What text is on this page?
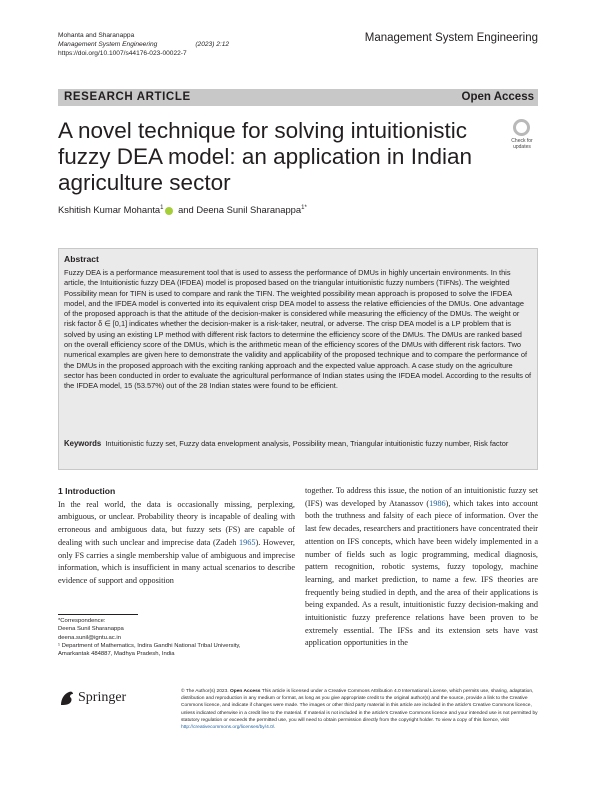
Mohanta and Sharanappa
Management System Engineering	(2023) 2:12
https://doi.org/10.1007/s44176-023-00022-7
Management System Engineering
RESEARCH ARTICLE	Open Access
A novel technique for solving intuitionistic fuzzy DEA model: an application in Indian agriculture sector
Check for updates
Kshitish Kumar Mohanta$^1$ and Deena Sunil Sharanappa$^{1*}$
Abstract
Fuzzy DEA is a performance measurement tool that is used to assess the performance of DMUs in highly uncertain environments. In this article, the Intuitionistic fuzzy DEA (IFDEA) model is proposed based on the triangular intuitionistic fuzzy numbers (TIFNs). The weighted Possibility mean for TIFN is used to compare and rank the TIFN. The weighted possibility mean approach is proposed to solve the IFDEA model, and the IFDEA model is converted into its equivalent crisp DEA model to assess the relative efficiencies of the DMUs. One advantage of the proposed approach is that the attitude of the decision-maker is considered while measuring the efficiency of the DMUs. The weight or risk factor δ ∈ [0,1] indicates whether the decision-maker is a risk-taker, neutral, or adverse. The crisp DEA model is a LP problem that is solved by using an existing LP method with different risk factors to determine the efficiency score of the DMUs. The DMUs are ranked based on the overall efficiency score of the DMUs, which is the arithmetic mean of the efficiency scores of the DMUs with different risk factors. Two numerical examples are given here to demonstrate the validity and applicability of the proposed technique and to compare the performance of the DMUs in the proposed approach with the exciting ranking approach and the expected value approach. A case study on the agriculture sector has been conducted in order to evaluate the agricultural performance of Indian states using the IFDEA model. According to the results of the IFDEA model, 15 (53.57%) out of the 28 Indian states were found to be efficient.
Keywords Intuitionistic fuzzy set, Fuzzy data envelopment analysis, Possibility mean, Triangular intuitionistic fuzzy number, Risk factor
1 Introduction
In the real world, the data is occasionally missing, perplexing, ambiguous, or unclear. Probability theory is incapable of dealing with erroneous and ambiguous data, but fuzzy sets (FS) are capable of dealing with such unclear and imprecise data (Zadeh 1965). However, only FS carries a single membership value of ambiguous and imprecise information, which is insufficient in many actual scenarios to describe evidence of support and opposition
together. To address this issue, the notion of an intuitionistic fuzzy set (IFS) was developed by Atanassov (1986), which takes into account both the truthness and falsity of each piece of information. Over the last few decades, researchers and practitioners have concentrated their attention on IFS concepts, which have been widely implemented in a number of fields such as logic programming, medical diagnosis, pattern recognition, robotic systems, fuzzy topology, machine learning, and market prediction, to name a few. IFS theories are frequently being studied in depth, and the area of their applications is being expanded. As a result, intuitionistic fuzzy decision-making and intuitionistic fuzzy preference relations have been proven to be extremely essential. The IFSs and its extension sets have vast application opportunities in the
*Correspondence:
Deena Sunil Sharanappa
deena.sunil@igntu.ac.in
¹ Department of Mathematics, Indira Gandhi National Tribal University,
Amarkantak 484887, Madhya Pradesh, India
Springer	© The Author(s) 2023. Open Access This article is licensed under a Creative Commons Attribution 4.0 International License, which permits use, sharing, adaptation, distribution and reproduction in any medium or format, as long as you give appropriate credit to the original author(s) and the source, provide a link to the Creative Commons licence, and indicate if changes were made. The images or other third party material in this article are included in the article's Creative Commons licence, unless indicated otherwise in a credit line to the material. If material is not included in the article's Creative Commons licence and your intended use is not permitted by statutory regulation or exceeds the permitted use, you will need to obtain permission directly from the copyright holder. To view a copy of this licence, visit http://creativecommons.org/licenses/by/4.0/.
